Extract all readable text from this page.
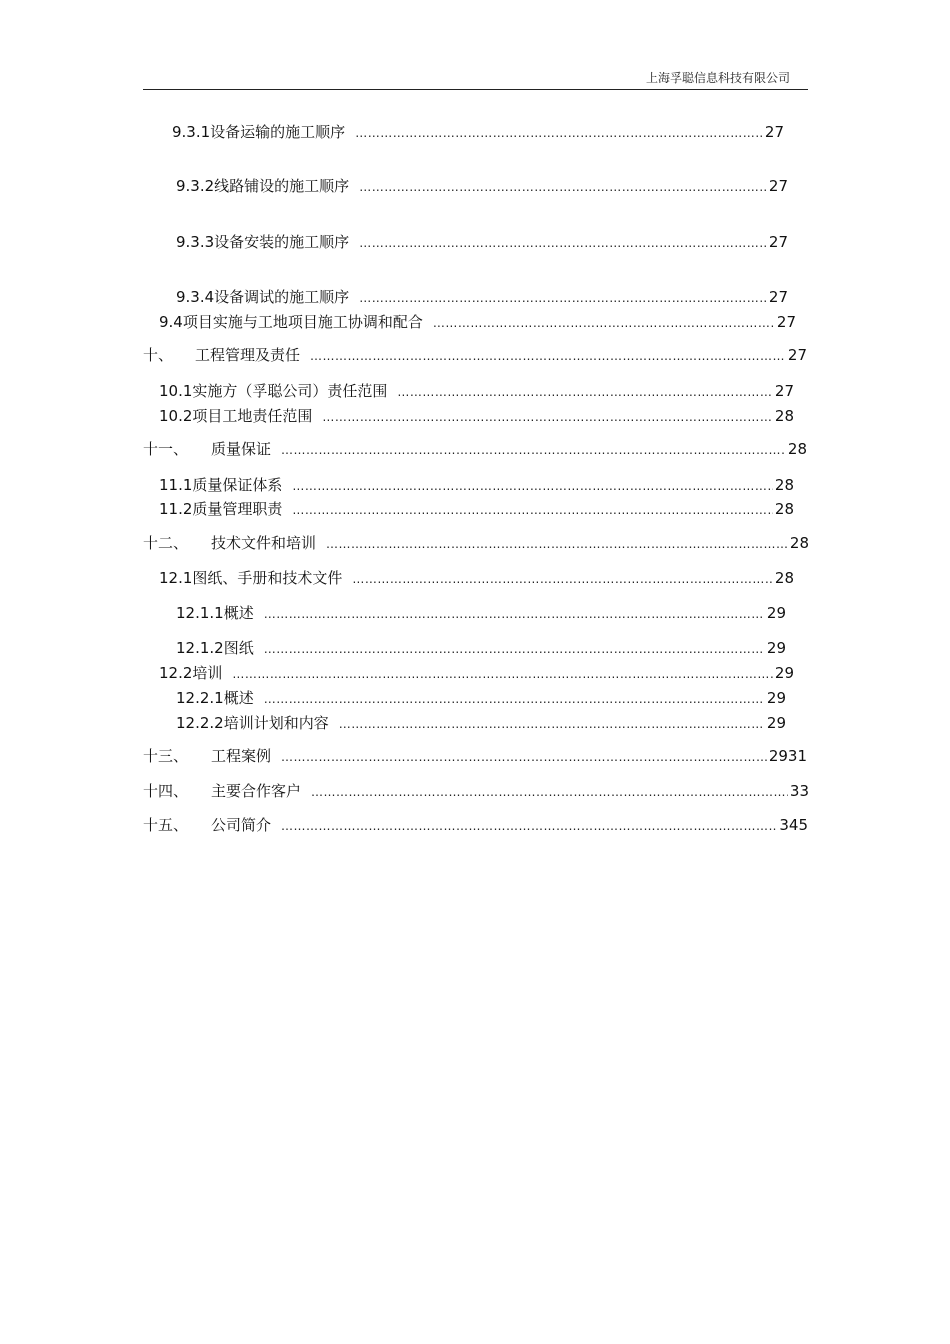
上海孚聪信息科技有限公司
9.3.1 设备运输的施工顺序 ……………………………………………………………………………………………………………………………………………………………………………………………………………………	27
9.3.2 线路铺设的施工顺序 ……………………………………………………………………………………………………………………………………………………………………………………………………………………	27
9.3.3 设备安装的施工顺序 ……………………………………………………………………………………………………………………………………………………………………………………………………………………	27
9.3.4 设备调试的施工顺序 ……………………………………………………………………………………………………………………………………………………………………………………………………………………	27
9.4 项目实施与工地项目施工协调和配合 ……………………………………………………………………………………………………………………………………………………………………………………………………………………	27
十、	工程管理及责任 ……………………………………………………………………………………………………………………………………………………………………………………………………………………	27
10.1 实施方（孚聪公司）责任范围 ……………………………………………………………………………………………………………………………………………………………………………………………………………………	27
10.2 项目工地责任范围 ……………………………………………………………………………………………………………………………………………………………………………………………………………………	28
十一、	质量保证 ……………………………………………………………………………………………………………………………………………………………………………………………………………………	28
11.1 质量保证体系 ……………………………………………………………………………………………………………………………………………………………………………………………………………………	28
11.2 质量管理职责 ……………………………………………………………………………………………………………………………………………………………………………………………………………………	28
十二、	技术文件和培训 ……………………………………………………………………………………………………………………………………………………………………………………………………………………	28
12.1 图纸、手册和技术文件 ……………………………………………………………………………………………………………………………………………………………………………………………………………………	28
12.1.1 概述 ……………………………………………………………………………………………………………………………………………………………………………………………………………………	29
12.1.2 图纸 ……………………………………………………………………………………………………………………………………………………………………………………………………………………	29
12.2 培训 ……………………………………………………………………………………………………………………………………………………………………………………………………………………	29
12.2.1 概述 ……………………………………………………………………………………………………………………………………………………………………………………………………………………	29
12.2.2 培训计划和内容 ……………………………………………………………………………………………………………………………………………………………………………………………………………………	29
十三、	工程案例 ……………………………………………………………………………………………………………………………………………………………………………………………………………………	2931
十四、	主要合作客户 ……………………………………………………………………………………………………………………………………………………………………………………………………………………	33
十五、	公司简介 ……………………………………………………………………………………………………………………………………………………………………………………………………………………	345
